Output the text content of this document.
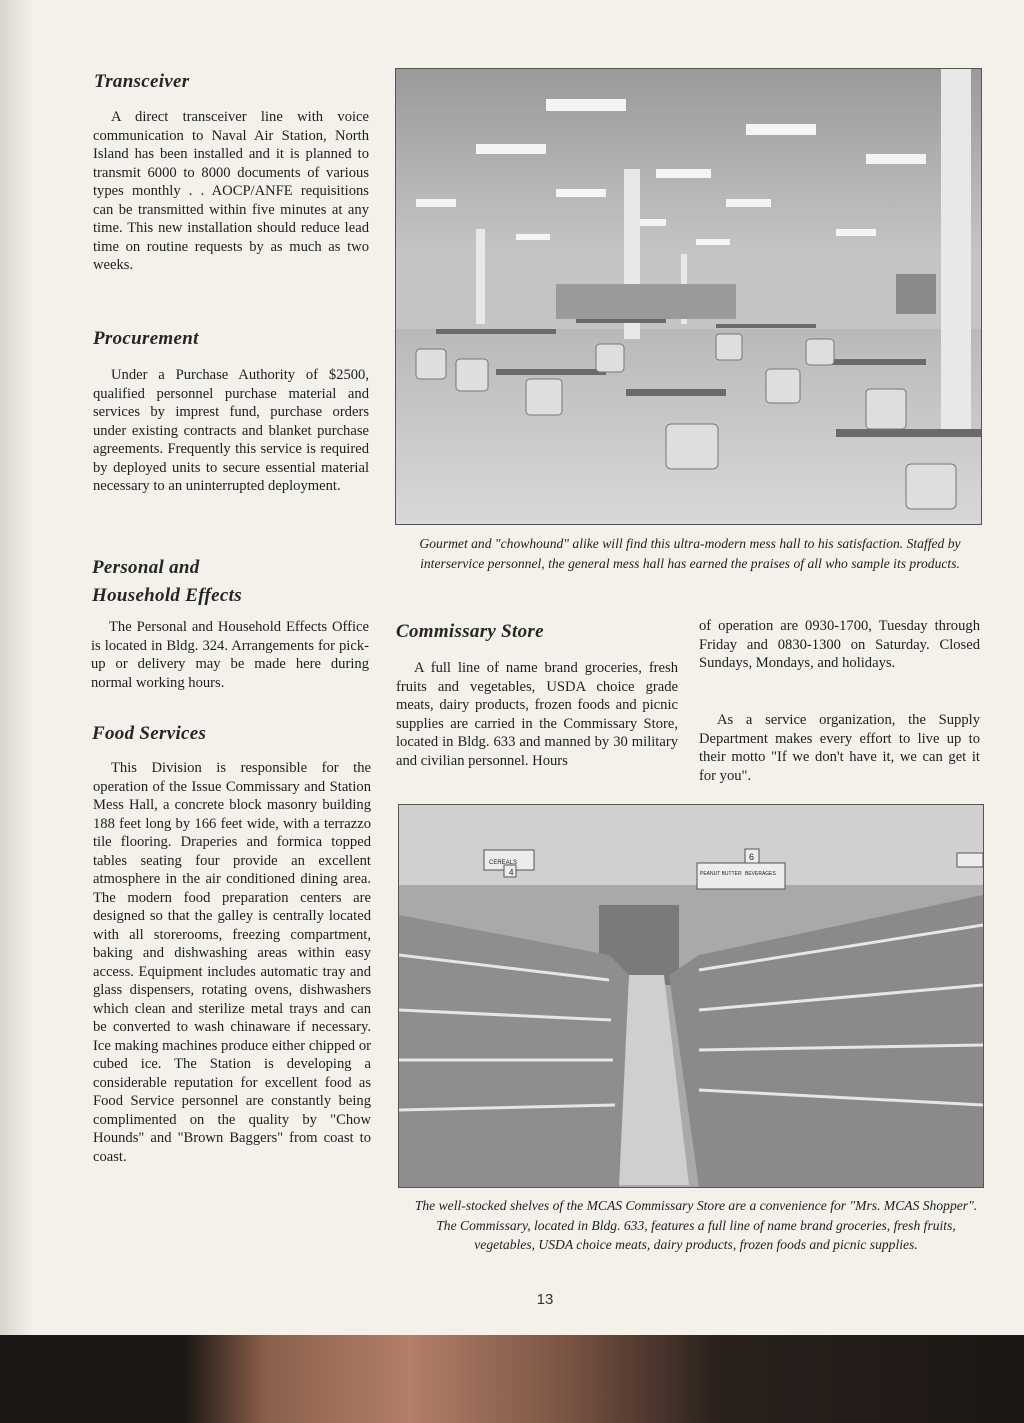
Transceiver

A direct transceiver line with voice communication to Naval Air Station, North Island has been installed and it is planned to transmit 6000 to 8000 documents of various types monthly . . AOCP/ANFE requisitions can be transmitted within five minutes at any time. This new installation should reduce lead time on routine requests by as much as two weeks.

Procurement

Under a Purchase Authority of $2500, qualified personnel purchase material and services by imprest fund, purchase orders under existing contracts and blanket purchase agreements. Frequently this service is required by deployed units to secure essential material necessary to an uninterrupted deployment.

Personal and
Household Effects

The Personal and Household Effects Office is located in Bldg. 324. Arrangements for pick-up or delivery may be made here during normal working hours.

Food Services

This Division is responsible for the operation of the Issue Commissary and Station Mess Hall, a concrete block masonry building 188 feet long by 166 feet wide, with a terrazzo tile flooring. Draperies and formica topped tables seating four provide an excellent atmosphere in the air conditioned dining area. The modern food preparation centers are designed so that the galley is centrally located with all storerooms, freezing compartment, baking and dishwashing areas within easy access. Equipment includes automatic tray and glass dispensers, rotating ovens, dishwashers which clean and sterilize metal trays and can be converted to wash chinaware if necessary. Ice making machines produce either chipped or cubed ice. The Station is developing a considerable reputation for excellent food as Food Service personnel are constantly being complimented on the quality by "Chow Hounds" and "Brown Baggers" from coast to coast.

Gourmet and "chowhound" alike will find this ultra-modern mess hall to his satisfaction. Staffed by interservice personnel, the general mess hall has earned the praises of all who sample its products.

Commissary Store

A full line of name brand groceries, fresh fruits and vegetables, USDA choice grade meats, dairy products, frozen foods and picnic supplies are carried in the Commissary Store, located in Bldg. 633 and manned by 30 military and civilian personnel. Hours

of operation are 0930-1700, Tuesday through Friday and 0830-1300 on Saturday. Closed Sundays, Mondays, and holidays.

As a service organization, the Supply Department makes every effort to live up to their motto "If we don't have it, we can get it for you".

CEREALS
4
6
PEANUT BUTTER BEVERAGES

The well-stocked shelves of the MCAS Commissary Store are a convenience for "Mrs. MCAS Shopper". The Commissary, located in Bldg. 633, features a full line of name brand groceries, fresh fruits, vegetables, USDA choice meats, dairy products, frozen foods and picnic supplies.

13
